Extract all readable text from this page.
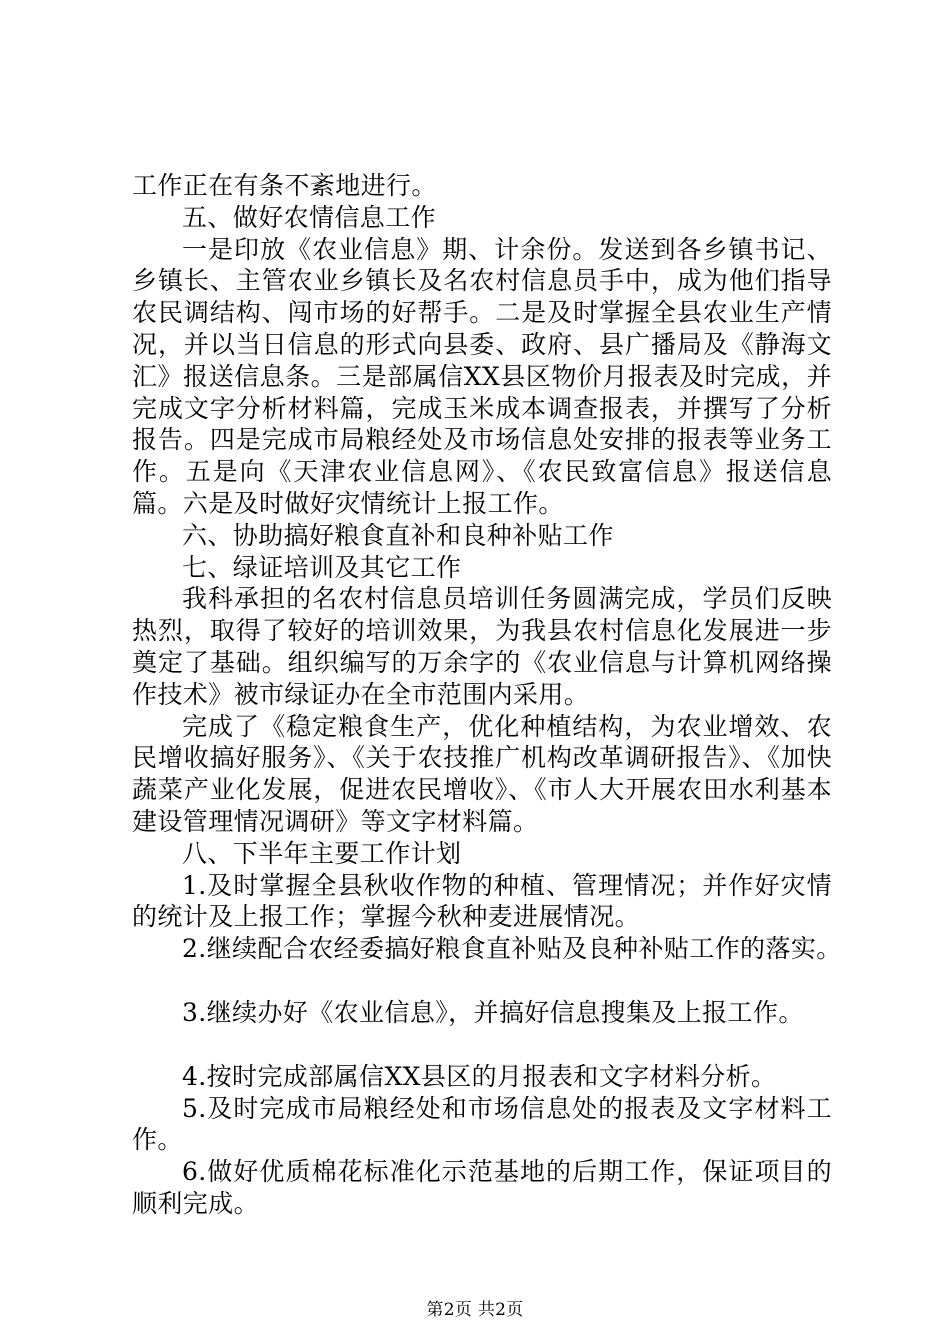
工作正在有条不紊地进行。

五、做好农情信息工作

一是印放《农业信息》期、计余份。发送到各乡镇书记、乡镇长、主管农业乡镇长及名农村信息员手中，成为他们指导农民调结构、闯市场的好帮手。二是及时掌握全县农业生产情况，并以当日信息的形式向县委、政府、县广播局及《静海文汇》报送信息条。三是部属信XX县区物价月报表及时完成，并完成文字分析材料篇，完成玉米成本调查报表，并撰写了分析报告。四是完成市局粮经处及市场信息处安排的报表等业务工作。五是向《天津农业信息网》、《农民致富信息》报送信息篇。六是及时做好灾情统计上报工作。

六、协助搞好粮食直补和良种补贴工作

七、绿证培训及其它工作

我科承担的名农村信息员培训任务圆满完成，学员们反映热烈，取得了较好的培训效果，为我县农村信息化发展进一步奠定了基础。组织编写的万余字的《农业信息与计算机网络操作技术》被市绿证办在全市范围内采用。

完成了《稳定粮食生产，优化种植结构，为农业增效、农民增收搞好服务》、《关于农技推广机构改革调研报告》、《加快蔬菜产业化发展，促进农民增收》、《市人大开展农田水利基本建设管理情况调研》等文字材料篇。

八、下半年主要工作计划

1.及时掌握全县秋收作物的种植、管理情况；并作好灾情的统计及上报工作；掌握今秋种麦进展情况。

2.继续配合农经委搞好粮食直补贴及良种补贴工作的落实。

3.继续办好《农业信息》，并搞好信息搜集及上报工作。

4.按时完成部属信XX县区的月报表和文字材料分析。

5.及时完成市局粮经处和市场信息处的报表及文字材料工作。

6.做好优质棉花标准化示范基地的后期工作，保证项目的顺利完成。

第2页 共2页
